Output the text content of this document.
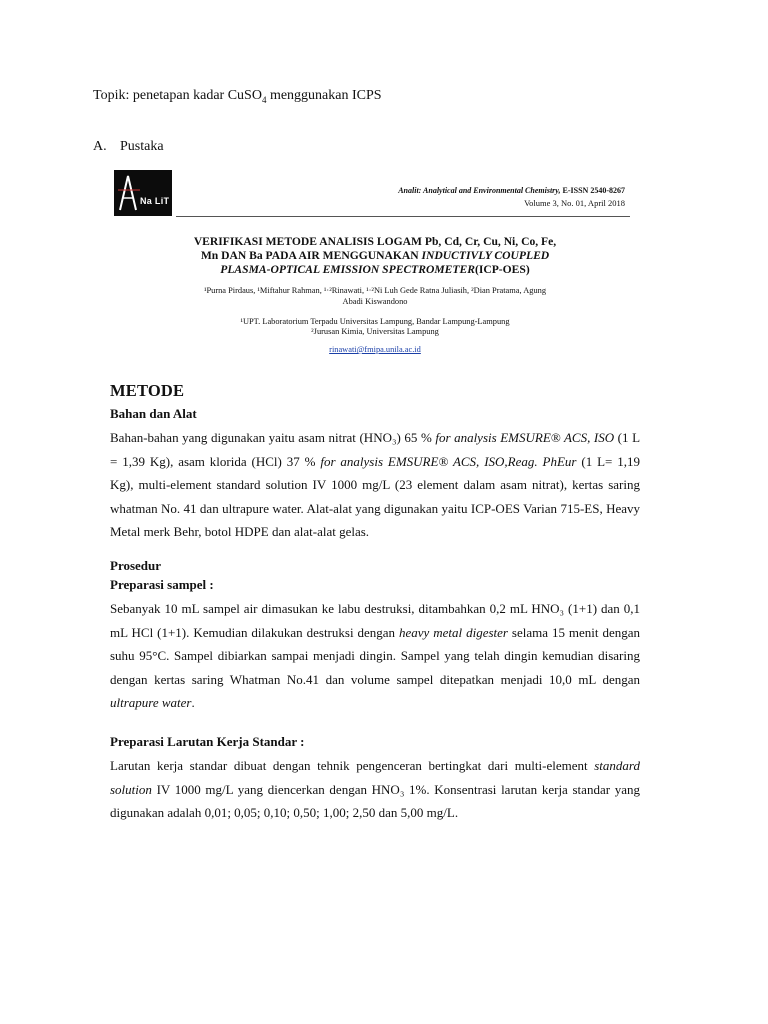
Topik: penetapan kadar CuSO$_4$ menggunakan ICPS
A. Pustaka
Na LiT
Analit: Analytical and Environmental Chemistry, E-ISSN 2540-8267
Volume 3, No. 01, April 2018
VERIFIKASI METODE ANALISIS LOGAM Pb, Cd, Cr, Cu, Ni, Co, Fe,
Mn DAN Ba PADA AIR MENGGUNAKAN INDUCTIVLY COUPLED
PLASMA-OPTICAL EMISSION SPECTROMETER(ICP-OES)
¹Purna Pirdaus, ¹Miftahur Rahman, ¹·²Rinawati, ¹·²Ni Luh Gede Ratna Juliasih, ²Dian Pratama, Agung
Abadi Kiswandono
¹UPT. Laboratorium Terpadu Universitas Lampung, Bandar Lampung-Lampung
²Jurusan Kimia, Universitas Lampung
rinawati@fmipa.unila.ac.id
METODE
Bahan dan Alat
Bahan-bahan yang digunakan yaitu asam nitrat (HNO₃) 65 % for analysis EMSURE® ACS, ISO (1 L = 1,39 Kg), asam klorida (HCl) 37 % for analysis EMSURE® ACS, ISO,Reag. PhEur (1 L= 1,19 Kg), multi-element standard solution IV 1000 mg/L (23 element dalam asam nitrat), kertas saring whatman No. 41 dan ultrapure water. Alat-alat yang digunakan yaitu ICP-OES Varian 715-ES, Heavy Metal merk Behr, botol HDPE dan alat-alat gelas.
Prosedur
Preparasi sampel :
Sebanyak 10 mL sampel air dimasukan ke labu destruksi, ditambahkan 0,2 mL HNO₃ (1+1) dan 0,1 mL HCl (1+1). Kemudian dilakukan destruksi dengan heavy metal digester selama 15 menit dengan suhu 95°C. Sampel dibiarkan sampai menjadi dingin. Sampel yang telah dingin kemudian disaring dengan kertas saring Whatman No.41 dan volume sampel ditepatkan menjadi 10,0 mL dengan ultrapure water.
Preparasi Larutan Kerja Standar :
Larutan kerja standar dibuat dengan tehnik pengenceran bertingkat dari multi-element standard solution IV 1000 mg/L yang diencerkan dengan HNO₃ 1%. Konsentrasi larutan kerja standar yang digunakan adalah 0,01; 0,05; 0,10; 0,50; 1,00; 2,50 dan 5,00 mg/L.
